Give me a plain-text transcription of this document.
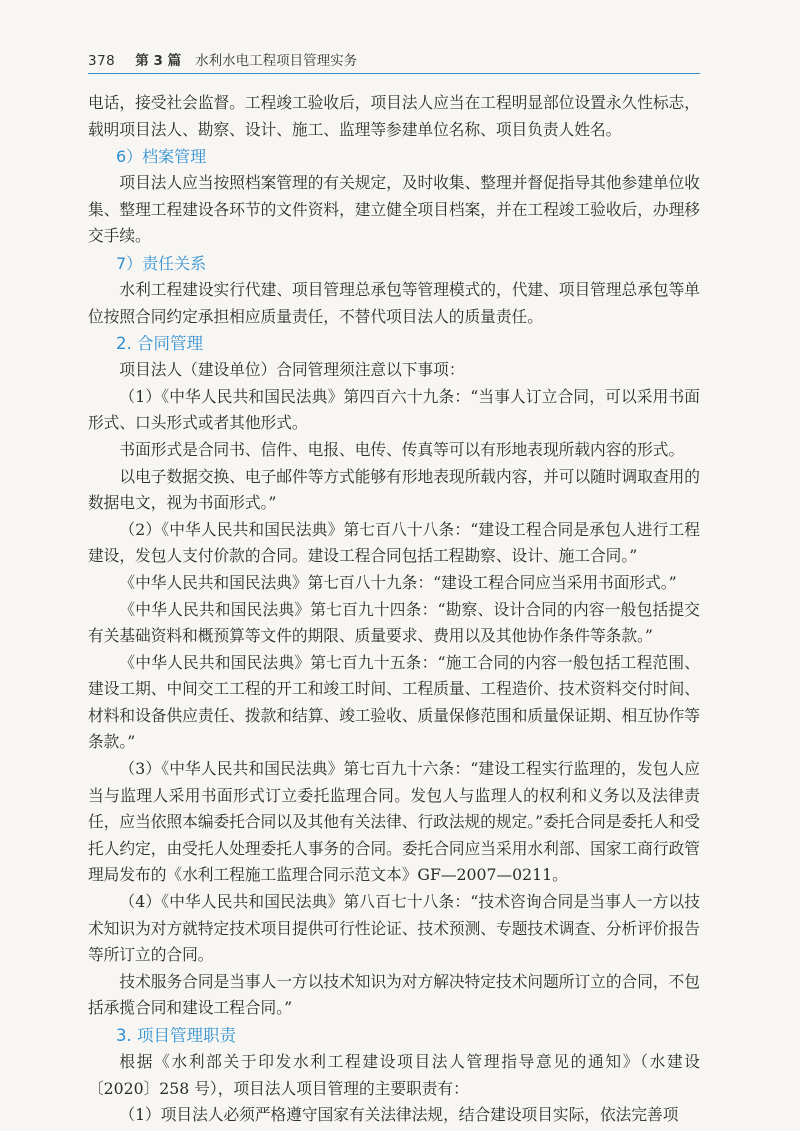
378 第 3 篇 水利水电工程项目管理实务

电话，接受社会监督。工程竣工验收后，项目法人应当在工程明显部位设置永久性标志，载明项目法人、勘察、设计、施工、监理等参建单位名称、项目负责人姓名。

6）档案管理

项目法人应当按照档案管理的有关规定，及时收集、整理并督促指导其他参建单位收集、整理工程建设各环节的文件资料，建立健全项目档案，并在工程竣工验收后，办理移交手续。

7）责任关系

水利工程建设实行代建、项目管理总承包等管理模式的，代建、项目管理总承包等单位按照合同约定承担相应质量责任，不替代项目法人的质量责任。

2. 合同管理

项目法人（建设单位）合同管理须注意以下事项：

（1）《中华人民共和国民法典》第四百六十九条：“当事人订立合同，可以采用书面形式、口头形式或者其他形式。

书面形式是合同书、信件、电报、电传、传真等可以有形地表现所载内容的形式。

以电子数据交换、电子邮件等方式能够有形地表现所载内容，并可以随时调取查用的数据电文，视为书面形式。”

（2）《中华人民共和国民法典》第七百八十八条：“建设工程合同是承包人进行工程建设，发包人支付价款的合同。建设工程合同包括工程勘察、设计、施工合同。”

《中华人民共和国民法典》第七百八十九条：“建设工程合同应当采用书面形式。”

《中华人民共和国民法典》第七百九十四条：“勘察、设计合同的内容一般包括提交有关基础资料和概预算等文件的期限、质量要求、费用以及其他协作条件等条款。”

《中华人民共和国民法典》第七百九十五条：“施工合同的内容一般包括工程范围、建设工期、中间交工工程的开工和竣工时间、工程质量、工程造价、技术资料交付时间、材料和设备供应责任、拨款和结算、竣工验收、质量保修范围和质量保证期、相互协作等条款。”

（3）《中华人民共和国民法典》第七百九十六条：“建设工程实行监理的，发包人应当与监理人采用书面形式订立委托监理合同。发包人与监理人的权利和义务以及法律责任，应当依照本编委托合同以及其他有关法律、行政法规的规定。”委托合同是委托人和受托人约定，由受托人处理委托人事务的合同。委托合同应当采用水利部、国家工商行政管理局发布的《水利工程施工监理合同示范文本》GF—2007—0211。

（4）《中华人民共和国民法典》第八百七十八条：“技术咨询合同是当事人一方以技术知识为对方就特定技术项目提供可行性论证、技术预测、专题技术调查、分析评价报告等所订立的合同。

技术服务合同是当事人一方以技术知识为对方解决特定技术问题所订立的合同，不包括承揽合同和建设工程合同。”

3. 项目管理职责

根据《水利部关于印发水利工程建设项目法人管理指导意见的通知》（水建设〔2020〕258 号），项目法人项目管理的主要职责有：

（1）项目法人必须严格遵守国家有关法律法规，结合建设项目实际，依法完善项
